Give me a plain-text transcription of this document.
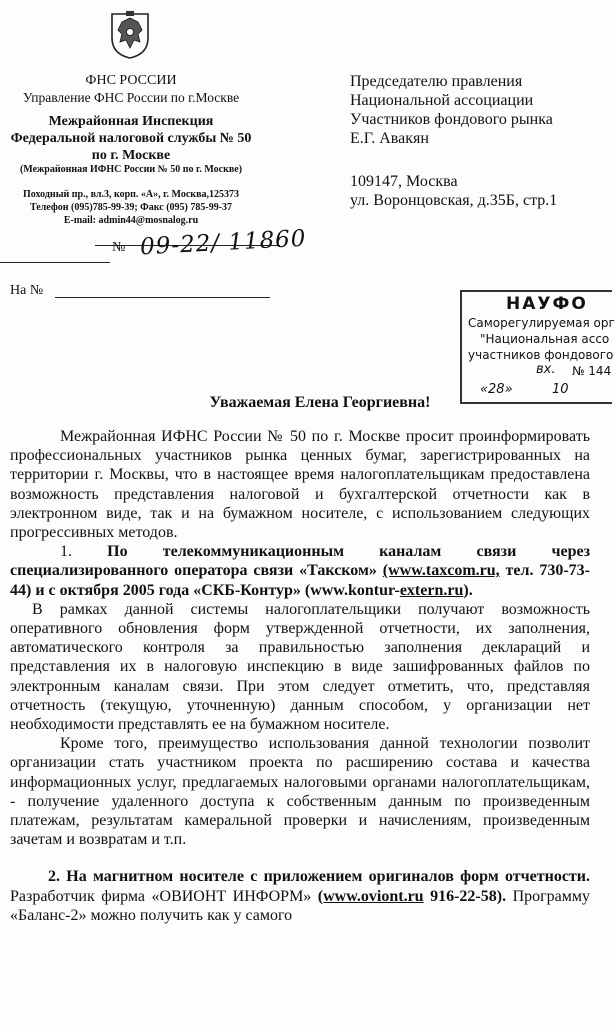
ФНС РОССИИ
Управление ФНС России по г.Москве
Межрайонная Инспекция
Федеральной налоговой службы № 50
по г. Москве
(Межрайонная ИФНС России № 50 по г. Москве)
Походный пр., вл.3, корп. «А», г. Москва,125373
Телефон (095)785-99-39; Факс (095) 785-99-37
E-mail: admin44@mosnalog.ru
№ 09-22/ 11860
На №
Председателю правления
Национальной ассоциации
Участников фондового рынка
Е.Г. Авакян
109147, Москва
ул. Воронцовская, д.35Б, стр.1
НАУФО
Саморегулируемая орг
"Национальная ассо
участников фондового
вх. № 144
«28»	10
Уважаемая Елена Георгиевна!

Межрайонная ИФНС России № 50 по г. Москве просит проинформировать профессиональных участников рынка ценных бумаг, зарегистрированных на территории г. Москвы, что в настоящее время налогоплательщикам предоставлена возможность представления налоговой и бухгалтерской отчетности как в электронном виде, так и на бумажном носителе, с использованием следующих прогрессивных методов.

1. По телекоммуникационным каналам связи через специализированного оператора связи «Такском» (www.taxcom.ru, тел. 730-73-44) и с октября 2005 года «СКБ-Контур» (www.kontur-extern.ru).

В рамках данной системы налогоплательщики получают возможность оперативного обновления форм утвержденной отчетности, их заполнения, автоматического контроля за правильностью заполнения деклараций и представления их в налоговую инспекцию в виде зашифрованных файлов по электронным каналам связи. При этом следует отметить, что, представляя отчетность (текущую, уточненную) данным способом, у организации нет необходимости представлять ее на бумажном носителе.

Кроме того, преимущество использования данной технологии позволит организации стать участником проекта по расширению состава и качества информационных услуг, предлагаемых налоговыми органами налогоплательщикам, - получение удаленного доступа к собственным данным по произведенным платежам, результатам камеральной проверки и начислениям, произведенным зачетам и возвратам и т.п.

2. На магнитном носителе с приложением оригиналов форм отчетности. Разработчик фирма «ОВИОНТ ИНФОРМ» (www.oviont.ru 916-22-58). Программу «Баланс-2» можно получить как у самого
